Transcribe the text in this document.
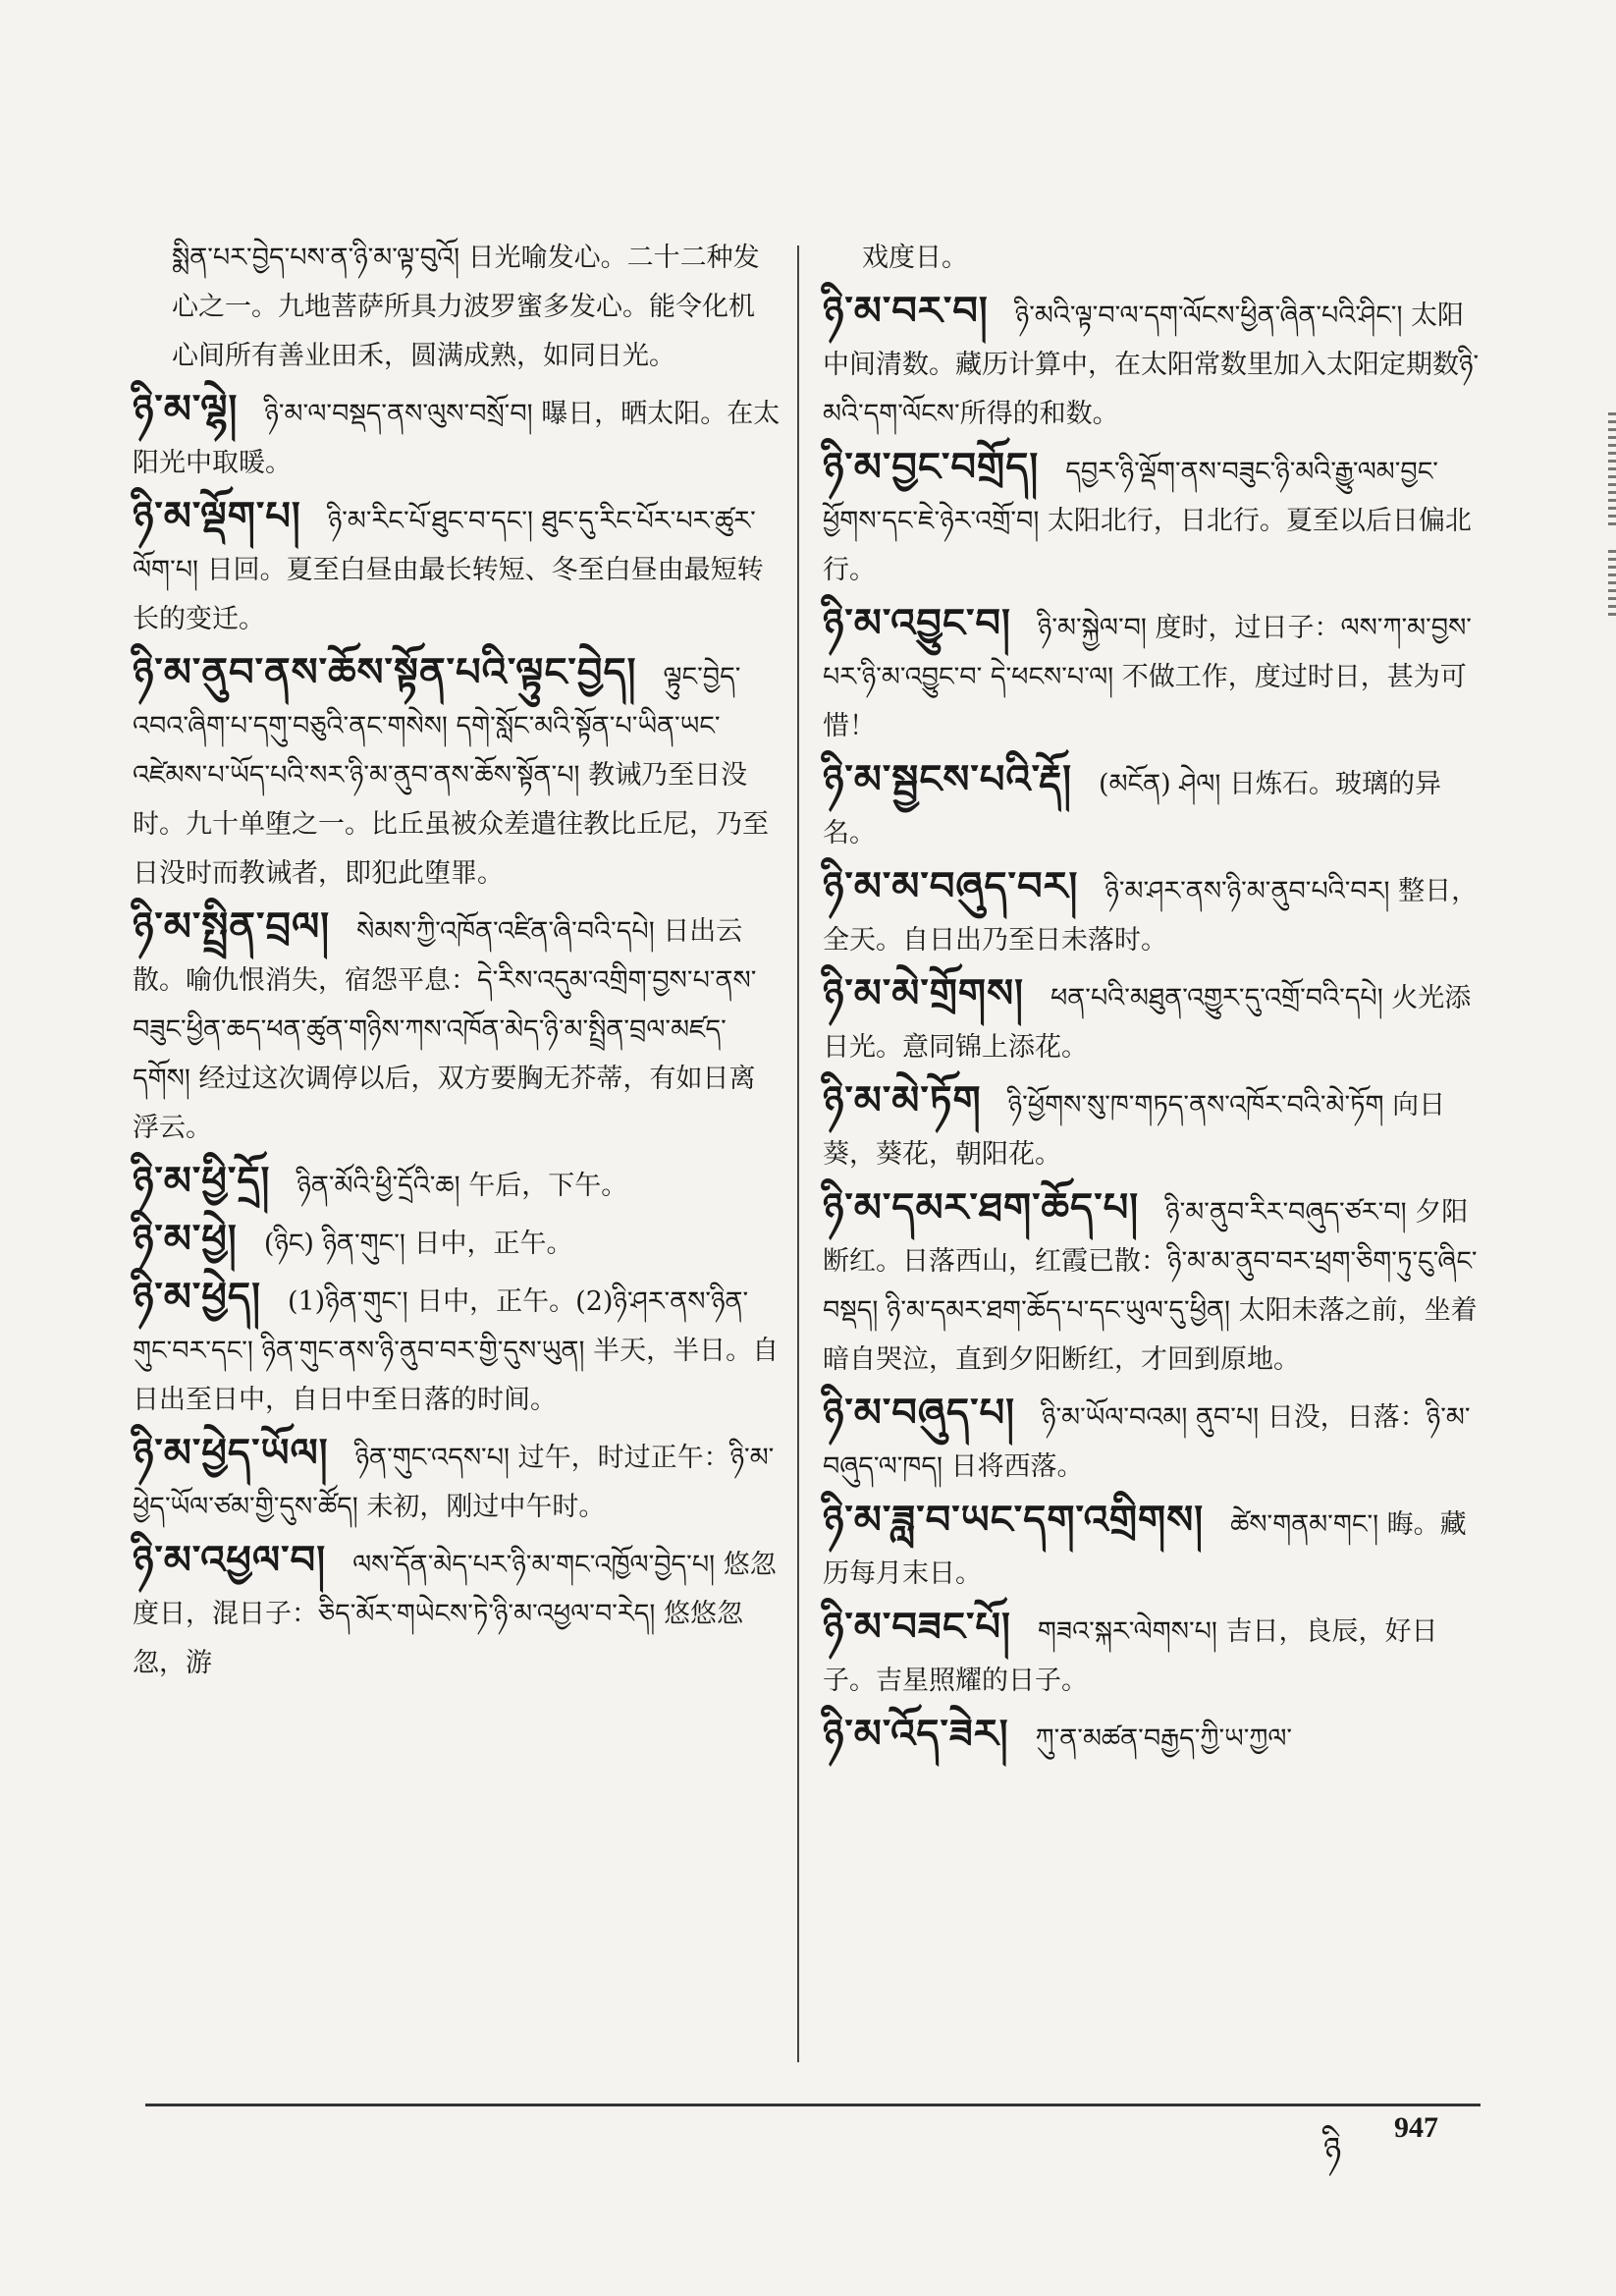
སྨིན་པར་བྱེད་པས་ན་ཉི་མ་ལྟ་བུའོ། 日光喻发心。二十二种发心之一。九地菩萨所具力波罗蜜多发心。能令化机心间所有善业田禾，圆满成熟，如同日光。
ཉི་མ་ལྷེ།  ཉི་མ་ལ་བསྡད་ནས་ལུས་བསྲོ་བ། 曝日，晒太阳。在太阳光中取暖。
ཉི་མ་ལྡོག་པ།  ཉི་མ་རིང་པོ་ཐུང་བ་དང་། ཐུང་དུ་རིང་པོར་པར་ཚུར་ལོག་པ། 日回。夏至白昼由最长转短、冬至白昼由最短转长的变迁。
ཉི་མ་ནུབ་ནས་ཆོས་སྟོན་པའི་ལྟུང་བྱེད།  ལྟུང་བྱེད་འབའ་ཞིག་པ་དགུ་བཅུའི་ནང་གསེས། དགེ་སློང་མའི་སྟོན་པ་ཡིན་ཡང་འཛེམས་པ་ཡོད་པའི་སར་ཉི་མ་ནུབ་ནས་ཆོས་སྟོན་པ། 教诫乃至日没时。九十单堕之一。比丘虽被众差遣往教比丘尼，乃至日没时而教诫者，即犯此堕罪。
ཉི་མ་སྤྲིན་བྲལ།  སེམས་ཀྱི་འཁོན་འཛིན་ཞི་བའི་དཔེ། 日出云散。喻仇恨消失，宿怨平息：དེ་རིས་འདུམ་འགྲིག་བྱས་པ་ནས་བཟུང་ཕྱིན་ཆད་ཕན་ཚུན་གཉིས་ཀས་འཁོན་མེད་ཉི་མ་སྤྲིན་བྲལ་མཛད་དགོས། 经过这次调停以后，双方要胸无芥蒂，有如日离浮云。
ཉི་མ་ཕྱི་དྲོ།  ཉིན་མོའི་ཕྱི་དྲོའི་ཆ། 午后，下午。
ཉི་མ་ཕྱེ།  (ཉིང) ཉིན་གུང་། 日中，正午。
ཉི་མ་ཕྱེད།  (1)ཉིན་གུང་། 日中，正午。(2)ཉི་ཤར་ནས་ཉིན་གུང་བར་དང་། ཉིན་གུང་ནས་ཉི་ནུབ་བར་གྱི་དུས་ཡུན། 半天，半日。自日出至日中，自日中至日落的时间。
ཉི་མ་ཕྱེད་ཡོལ།  ཉིན་གུང་འདས་པ། 过午，时过正午：ཉི་མ་ཕྱེད་ཡོལ་ཙམ་གྱི་དུས་ཚོད། 未初，刚过中午时。
ཉི་མ་འཕྱལ་བ།  ལས་དོན་མེད་པར་ཉི་མ་གང་འཁྱོལ་བྱེད་པ། 悠忽度日，混日子：ཅིད་མོར་གཡེངས་ཏེ་ཉི་མ་འཕྱལ་བ་རེད། 悠悠忽忽，游
戏度日。
ཉི་མ་བར་བ།  ཉི་མའི་ལྟ་བ་ལ་དག་ལོངས་ཕྱིན་ཞིན་པའི་ཤིང་། 太阳中间清数。藏历计算中，在太阳常数里加入太阳定期数ཉི་མའི་དག་ལོངས་所得的和数。
ཉི་མ་བྱང་བགྲོད།  དབྱར་ཉི་ལྡོག་ནས་བཟུང་ཉི་མའི་རྒྱུ་ལམ་བྱང་ཕྱོགས་དང་ཇེ་ཉེར་འགྲོ་བ། 太阳北行，日北行。夏至以后日偏北行。
ཉི་མ་འབྱུང་བ།  ཉི་མ་སྐྱེལ་བ། 度时，过日子：ལས་ཀ་མ་བྱས་པར་ཉི་མ་འབྱུང་བ་ དེ་ཕངས་པ་ལ། 不做工作，度过时日，甚为可惜！
ཉི་མ་སྦྱངས་པའི་རྡོ།  (མངོན) ཤེལ། 日炼石。玻璃的异名。
ཉི་མ་མ་བཞུད་བར།  ཉི་མ་ཤར་ནས་ཉི་མ་ནུབ་པའི་བར། 整日，全天。自日出乃至日未落时。
ཉི་མ་མེ་གྲོགས།  ཕན་པའི་མཐུན་འགྱུར་དུ་འགྲོ་བའི་དཔེ། 火光添日光。意同锦上添花。
ཉི་མ་མེ་ཏོག  ཉི་ཕྱོགས་སུ་ཁ་གཏད་ནས་འཁོར་བའི་མེ་ཏོག 向日葵，葵花，朝阳花。
ཉི་མ་དམར་ཐག་ཆོད་པ།  ཉི་མ་ནུབ་རིར་བཞུད་ཙར་བ། 夕阳断红。日落西山，红霞已散：ཉི་མ་མ་ནུབ་བར་ཕྲག་ཅིག་ཏུ་ངུ་ཞིང་བསྡད། ཉི་མ་དམར་ཐག་ཆོད་པ་དང་ཡུལ་དུ་ཕྱིན། 太阳未落之前，坐着暗自哭泣，直到夕阳断红，才回到原地。
ཉི་མ་བཞུད་པ།  ཉི་མ་ཡོལ་བའམ། ནུབ་པ། 日没，日落：ཉི་མ་བཞུད་ལ་ཁད། 日将西落。
ཉི་མ་ཟླ་བ་ཡང་དག་འགྲིགས།  ཚེས་གནམ་གང་། 晦。藏历每月末日。
ཉི་མ་བཟང་པོ།  གཟའ་སྐར་ལེགས་པ། 吉日，良辰，好日子。吉星照耀的日子。
ཉི་མ་འོད་ཟེར།  ཀུ་ན་མཚན་བརྒྱད་ཀྱི་ཡ་ཀྱལ་
ཉི
947
